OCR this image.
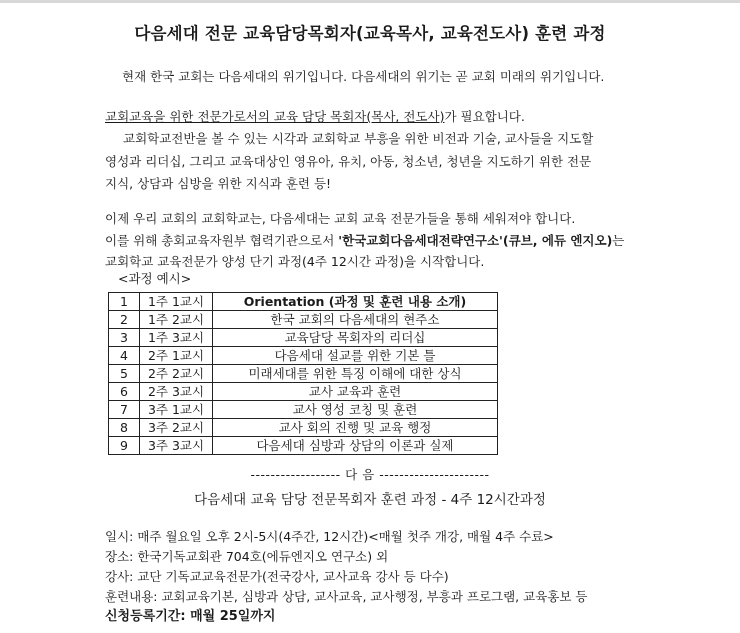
다음세대 전문 교육담당목회자(교육목사, 교육전도사) 훈련 과정
현재 한국 교회는 다음세대의 위기입니다. 다음세대의 위기는 곧 교회 미래의 위기입니다.
교회교육을 위한 전문가로서의 교육 담당 목회자(목사, 전도사)가 필요합니다.
교회학교전반을 볼 수 있는 시각과 교회학교 부흥을 위한 비전과 기술, 교사들을 지도할
영성과 리더십, 그리고 교육대상인 영유아, 유치, 아동, 청소년, 청년을 지도하기 위한 전문
지식, 상담과 심방을 위한 지식과 훈련 등!
이제 우리 교회의 교회학교는, 다음세대는 교회 교육 전문가들을 통해 세워져야 합니다.
이를 위해 총회교육자원부 협력기관으로서 '한국교회다음세대전략연구소'(큐브, 에듀 엔지오)는
교회학교 교육전문가 양성 단기 과정(4주 12시간 과정)을 시작합니다.
<과정 예시>
1	1주 1교시	Orientation (과정 및 훈련 내용 소개)
2	1주 2교시	한국 교회의 다음세대의 현주소
3	1주 3교시	교육담당 목회자의 리더십
4	2주 1교시	다음세대 설교를 위한 기본 틀
5	2주 2교시	미래세대를 위한 특징 이해에 대한 상식
6	2주 3교시	교사 교육과 훈련
7	3주 1교시	교사 영성 코칭 및 훈련
8	3주 2교시	교사 회의 진행 및 교육 행정
9	3주 3교시	다음세대 심방과 상담의 이론과 실제
------------------ 다 음 ----------------------
다음세대 교육 담당 전문목회자 훈련 과정 - 4주 12시간과정
일시: 매주 월요일 오후 2시-5시(4주간, 12시간)<매월 첫주 개강, 매월 4주 수료>
장소: 한국기독교회관 704호(에듀엔지오 연구소) 외
강사: 교단 기독교교육전문가(전국강사, 교사교육 강사 등 다수)
훈련내용: 교회교육기본, 심방과 상담, 교사교육, 교사행정, 부흥과 프로그램, 교육홍보 등
신청등록기간: 매월 25일까지
